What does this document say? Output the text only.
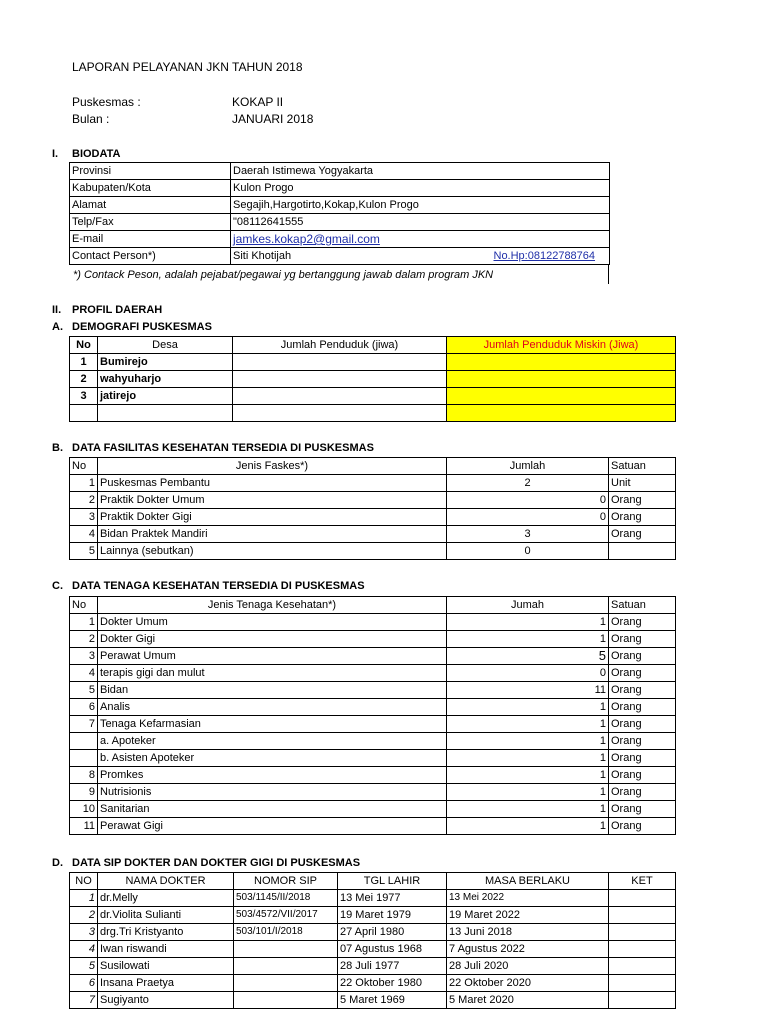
LAPORAN PELAYANAN JKN TAHUN 2018
Puskesmas :	KOKAP II
Bulan :	JANUARI 2018
I. BIODATA
Provinsi	Daerah Istimewa Yogyakarta	
Kabupaten/Kota	Kulon Progo	
Alamat	Segajih,Hargotirto,Kokap,Kulon Progo	
Telp/Fax	"08112641555	
E-mail	jamkes.kokap2@gmail.com	
Contact Person*)	Siti Khotijah	No.Hp:08122788764
*) Contack Peson, adalah pejabat/pegawai yg bertanggung jawab dalam program JKN
II. PROFIL DAERAH
A. DEMOGRAFI PUSKESMAS
No	Desa	Jumlah Penduduk (jiwa)	Jumlah Penduduk Miskin (Jiwa)
1	Bumirejo		
2	wahyuharjo		
3	jatirejo		

B. DATA FASILITAS KESEHATAN TERSEDIA DI PUSKESMAS
No	Jenis Faskes*)	Jumlah	Satuan
1	Puskesmas Pembantu	2	Unit
2	Praktik Dokter Umum	0	Orang
3	Praktik Dokter Gigi	0	Orang
4	Bidan Praktek Mandiri	3	Orang
5	Lainnya (sebutkan)	0	
C. DATA TENAGA KESEHATAN TERSEDIA DI PUSKESMAS
No	Jenis Tenaga Kesehatan*)	Jumah	Satuan
1	Dokter Umum	1	Orang
2	Dokter Gigi	1	Orang
3	Perawat Umum	5	Orang
4	terapis gigi dan mulut	0	Orang
5	Bidan	11	Orang
6	Analis	1	Orang
7	Tenaga Kefarmasian	1	Orang
	a. Apoteker	1	Orang
	b. Asisten Apoteker	1	Orang
8	Promkes	1	Orang
9	Nutrisionis	1	Orang
10	Sanitarian	1	Orang
11	Perawat Gigi	1	Orang
D. DATA SIP DOKTER DAN DOKTER GIGI DI PUSKESMAS
NO	NAMA DOKTER	NOMOR SIP	TGL LAHIR	MASA BERLAKU	KET
1	dr.Melly	503/1145/II/2018	13 Mei 1977	13 Mei 2022	
2	dr.Violita Sulianti	503/4572/VII/2017	19 Maret 1979	19 Maret 2022	
3	drg.Tri Kristyanto	503/101/I/2018	27 April 1980	13 Juni 2018	
4	Iwan riswandi		07 Agustus 1968	7 Agustus 2022	
5	Susilowati		28 Juli 1977	28 Juli 2020	
6	Insana Praetya		22 Oktober 1980	22 Oktober 2020	
7	Sugiyanto		5 Maret 1969	5 Maret 2020	
